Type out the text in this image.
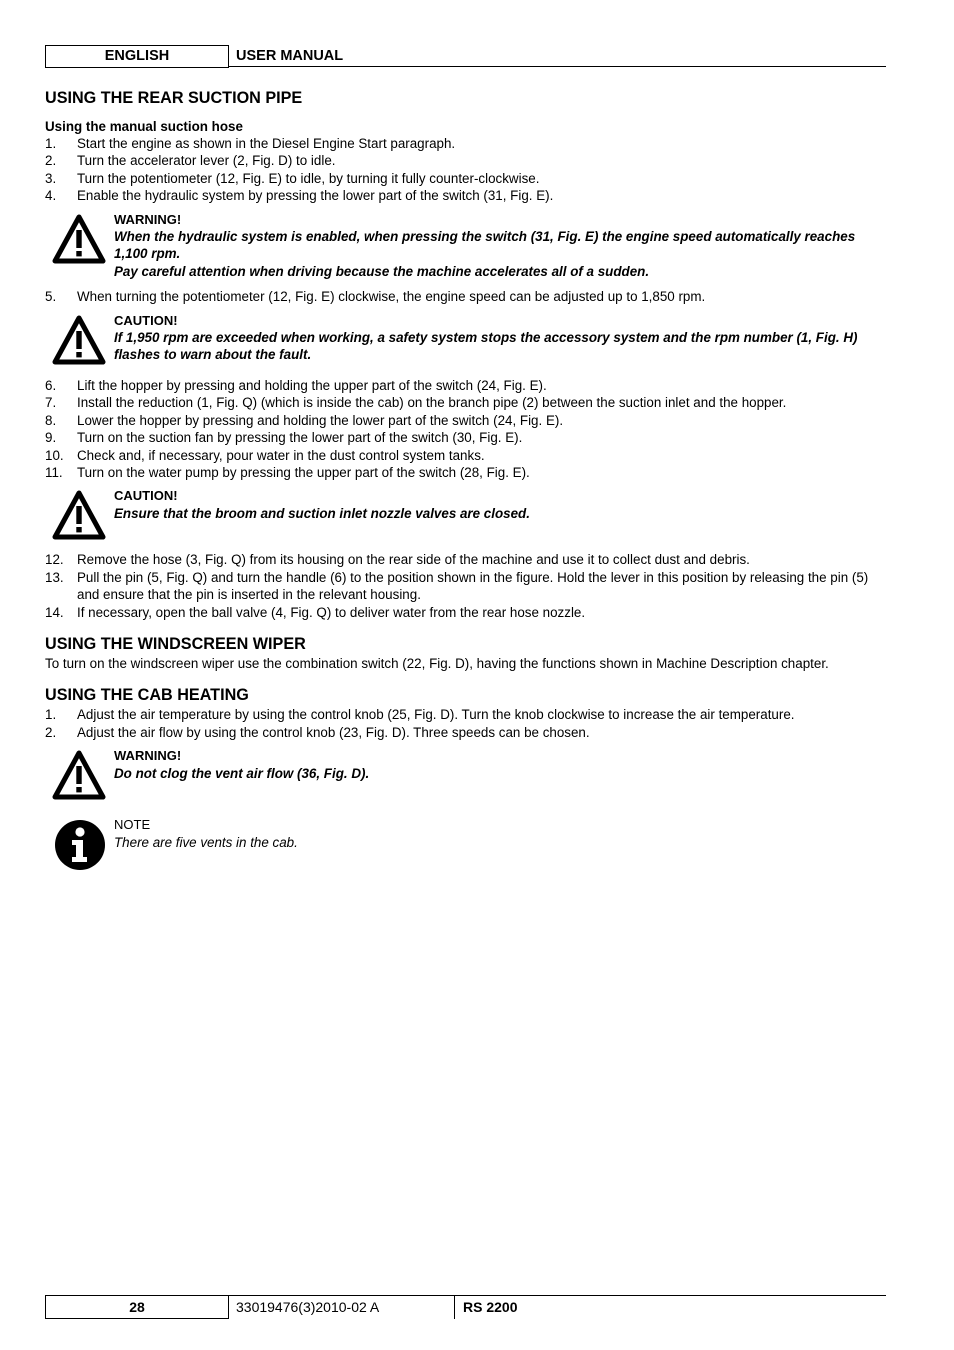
ENGLISH	USER MANUAL
USING THE REAR SUCTION PIPE
Using the manual suction hose
1. Start the engine as shown in the Diesel Engine Start paragraph.
2. Turn the accelerator lever (2, Fig. D) to idle.
3. Turn the potentiometer (12, Fig. E) to idle, by turning it fully counter-clockwise.
4. Enable the hydraulic system by pressing the lower part of the switch (31, Fig. E).
WARNING!
When the hydraulic system is enabled, when pressing the switch (31, Fig. E) the engine speed automatically reaches 1,100 rpm.
Pay careful attention when driving because the machine accelerates all of a sudden.
5. When turning the potentiometer (12, Fig. E) clockwise, the engine speed can be adjusted up to 1,850 rpm.
CAUTION!
If 1,950 rpm are exceeded when working, a safety system stops the accessory system and the rpm number (1, Fig. H) flashes to warn about the fault.
6. Lift the hopper by pressing and holding the upper part of the switch (24, Fig. E).
7. Install the reduction (1, Fig. Q) (which is inside the cab) on the branch pipe (2) between the suction inlet and the hopper.
8. Lower the hopper by pressing and holding the lower part of the switch (24, Fig. E).
9. Turn on the suction fan by pressing the lower part of the switch (30, Fig. E).
10. Check and, if necessary, pour water in the dust control system tanks.
11. Turn on the water pump by pressing the upper part of the switch (28, Fig. E).
CAUTION!
Ensure that the broom and suction inlet nozzle valves are closed.
12. Remove the hose (3, Fig. Q) from its housing on the rear side of the machine and use it to collect dust and debris.
13. Pull the pin (5, Fig. Q) and turn the handle (6) to the position shown in the figure. Hold the lever in this position by releasing the pin (5) and ensure that the pin is inserted in the relevant housing.
14. If necessary, open the ball valve (4, Fig. Q) to deliver water from the rear hose nozzle.
USING THE WINDSCREEN WIPER

To turn on the windscreen wiper use the combination switch (22, Fig. D), having the functions shown in Machine Description chapter.

USING THE CAB HEATING
1. Adjust the air temperature by using the control knob (25, Fig. D). Turn the knob clockwise to increase the air temperature.
2. Adjust the air flow by using the control knob (23, Fig. D). Three speeds can be chosen.
WARNING!
Do not clog the vent air flow (36, Fig. D).
NOTE
There are five vents in the cab.
28	33019476(3)2010-02 A	RS 2200
